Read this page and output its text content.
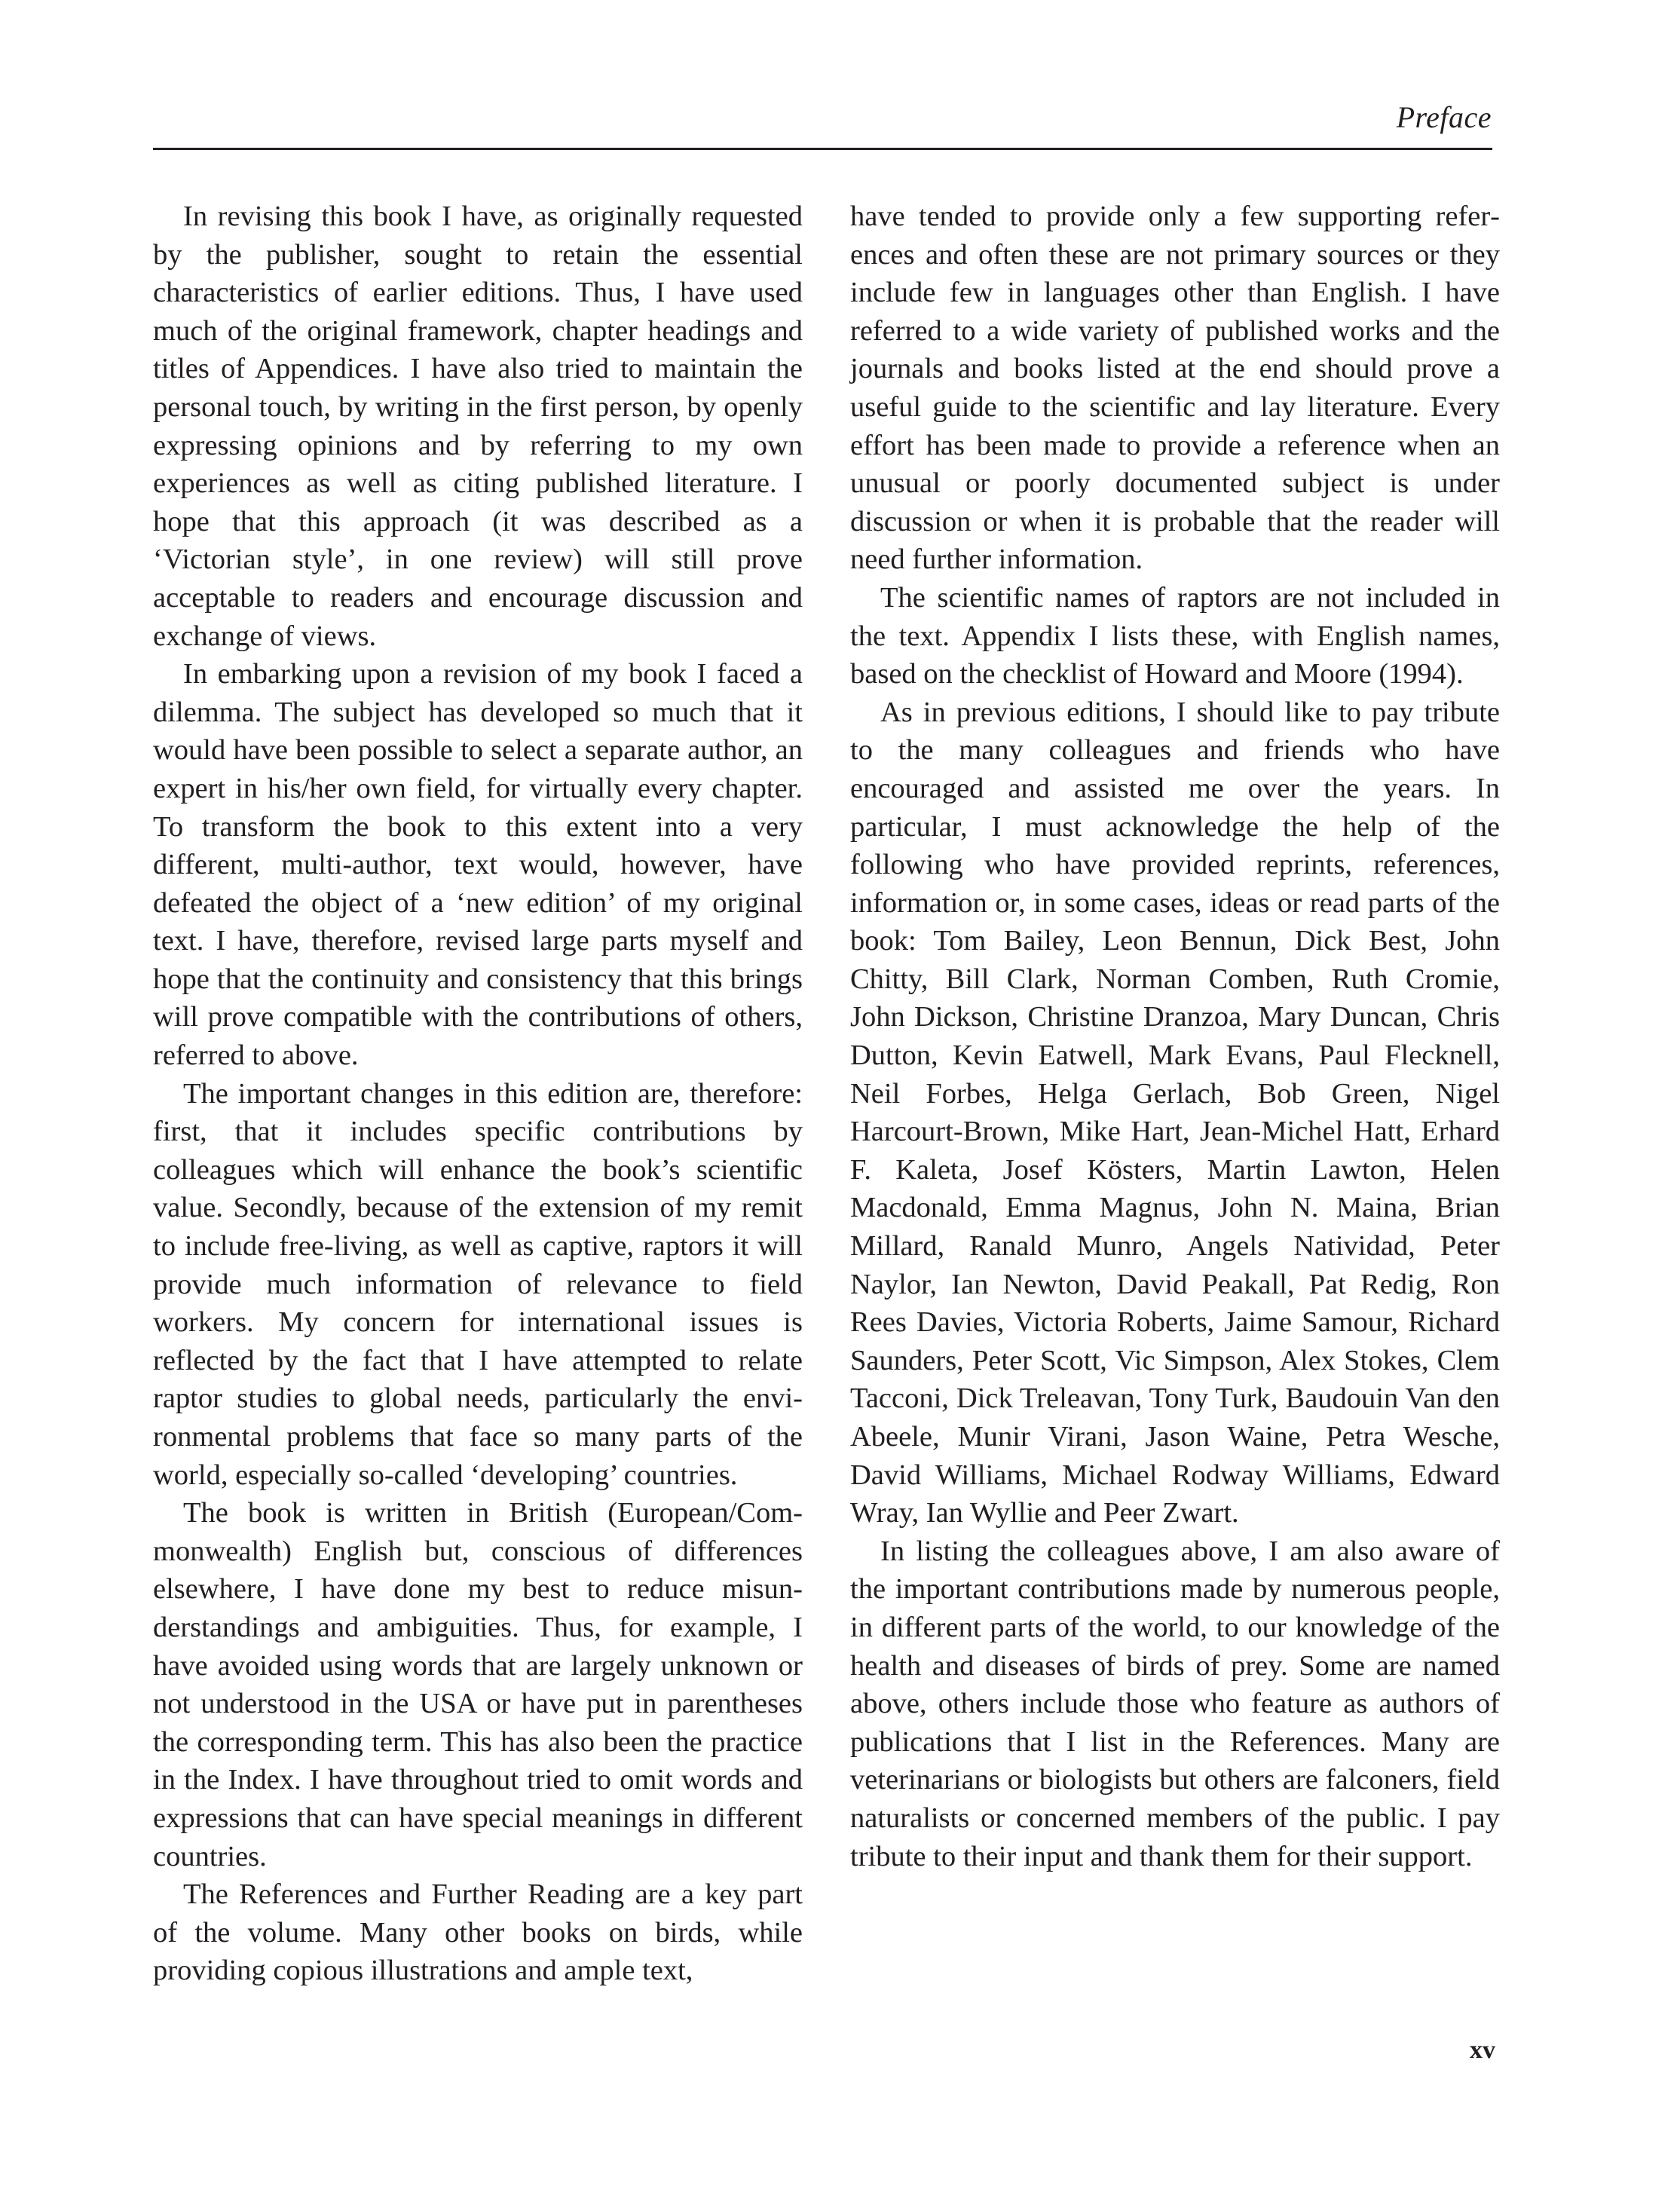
Preface

In revising this book I have, as originally requested by the publisher, sought to retain the essential characteristics of earlier editions. Thus, I have used much of the original framework, chapter headings and titles of Appendices. I have also tried to maintain the personal touch, by writing in the first person, by openly expressing opinions and by referring to my own experiences as well as citing published literature. I hope that this approach (it was described as a ‘Victorian style’, in one review) will still prove acceptable to readers and encourage discussion and exchange of views.

In embarking upon a revision of my book I faced a dilemma. The subject has developed so much that it would have been possible to select a separate author, an expert in his/her own field, for virtually every chapter. To transform the book to this extent into a very different, multi-author, text would, however, have defeated the object of a ‘new edition’ of my original text. I have, therefore, revised large parts myself and hope that the continuity and consistency that this brings will prove compatible with the contributions of others, referred to above.

The important changes in this edition are, therefore: first, that it includes specific contributions by colleagues which will enhance the book’s scientific value. Secondly, because of the extension of my remit to include free-living, as well as captive, raptors it will provide much information of relevance to field workers. My concern for international issues is reflected by the fact that I have attempted to relate raptor studies to global needs, particularly the environmental problems that face so many parts of the world, especially so-called ‘developing’ countries.

The book is written in British (European/Commonwealth) English but, conscious of differences elsewhere, I have done my best to reduce misunderstandings and ambiguities. Thus, for example, I have avoided using words that are largely unknown or not understood in the USA or have put in parentheses the corresponding term. This has also been the practice in the Index. I have throughout tried to omit words and expressions that can have special meanings in different countries.

The References and Further Reading are a key part of the volume. Many other books on birds, while providing copious illustrations and ample text,

have tended to provide only a few supporting references and often these are not primary sources or they include few in languages other than English. I have referred to a wide variety of published works and the journals and books listed at the end should prove a useful guide to the scientific and lay literature. Every effort has been made to provide a reference when an unusual or poorly documented subject is under discussion or when it is probable that the reader will need further information.

The scientific names of raptors are not included in the text. Appendix I lists these, with English names, based on the checklist of Howard and Moore (1994).

As in previous editions, I should like to pay tribute to the many colleagues and friends who have encouraged and assisted me over the years. In particular, I must acknowledge the help of the following who have provided reprints, references, information or, in some cases, ideas or read parts of the book: Tom Bailey, Leon Bennun, Dick Best, John Chitty, Bill Clark, Norman Comben, Ruth Cromie, John Dickson, Christine Dranzoa, Mary Duncan, Chris Dutton, Kevin Eatwell, Mark Evans, Paul Flecknell, Neil Forbes, Helga Gerlach, Bob Green, Nigel Harcourt-Brown, Mike Hart, Jean-Michel Hatt, Erhard F. Kaleta, Josef Kösters, Martin Lawton, Helen Macdonald, Emma Magnus, John N. Maina, Brian Millard, Ranald Munro, Angels Natividad, Peter Naylor, Ian Newton, David Peakall, Pat Redig, Ron Rees Davies, Victoria Roberts, Jaime Samour, Richard Saunders, Peter Scott, Vic Simpson, Alex Stokes, Clem Tacconi, Dick Treleavan, Tony Turk, Baudouin Van den Abeele, Munir Virani, Jason Waine, Petra Wesche, David Williams, Michael Rodway Williams, Edward Wray, Ian Wyllie and Peer Zwart.

In listing the colleagues above, I am also aware of the important contributions made by numerous people, in different parts of the world, to our knowledge of the health and diseases of birds of prey. Some are named above, others include those who feature as authors of publications that I list in the References. Many are veterinarians or biologists but others are falconers, field naturalists or concerned members of the public. I pay tribute to their input and thank them for their support.

xv
